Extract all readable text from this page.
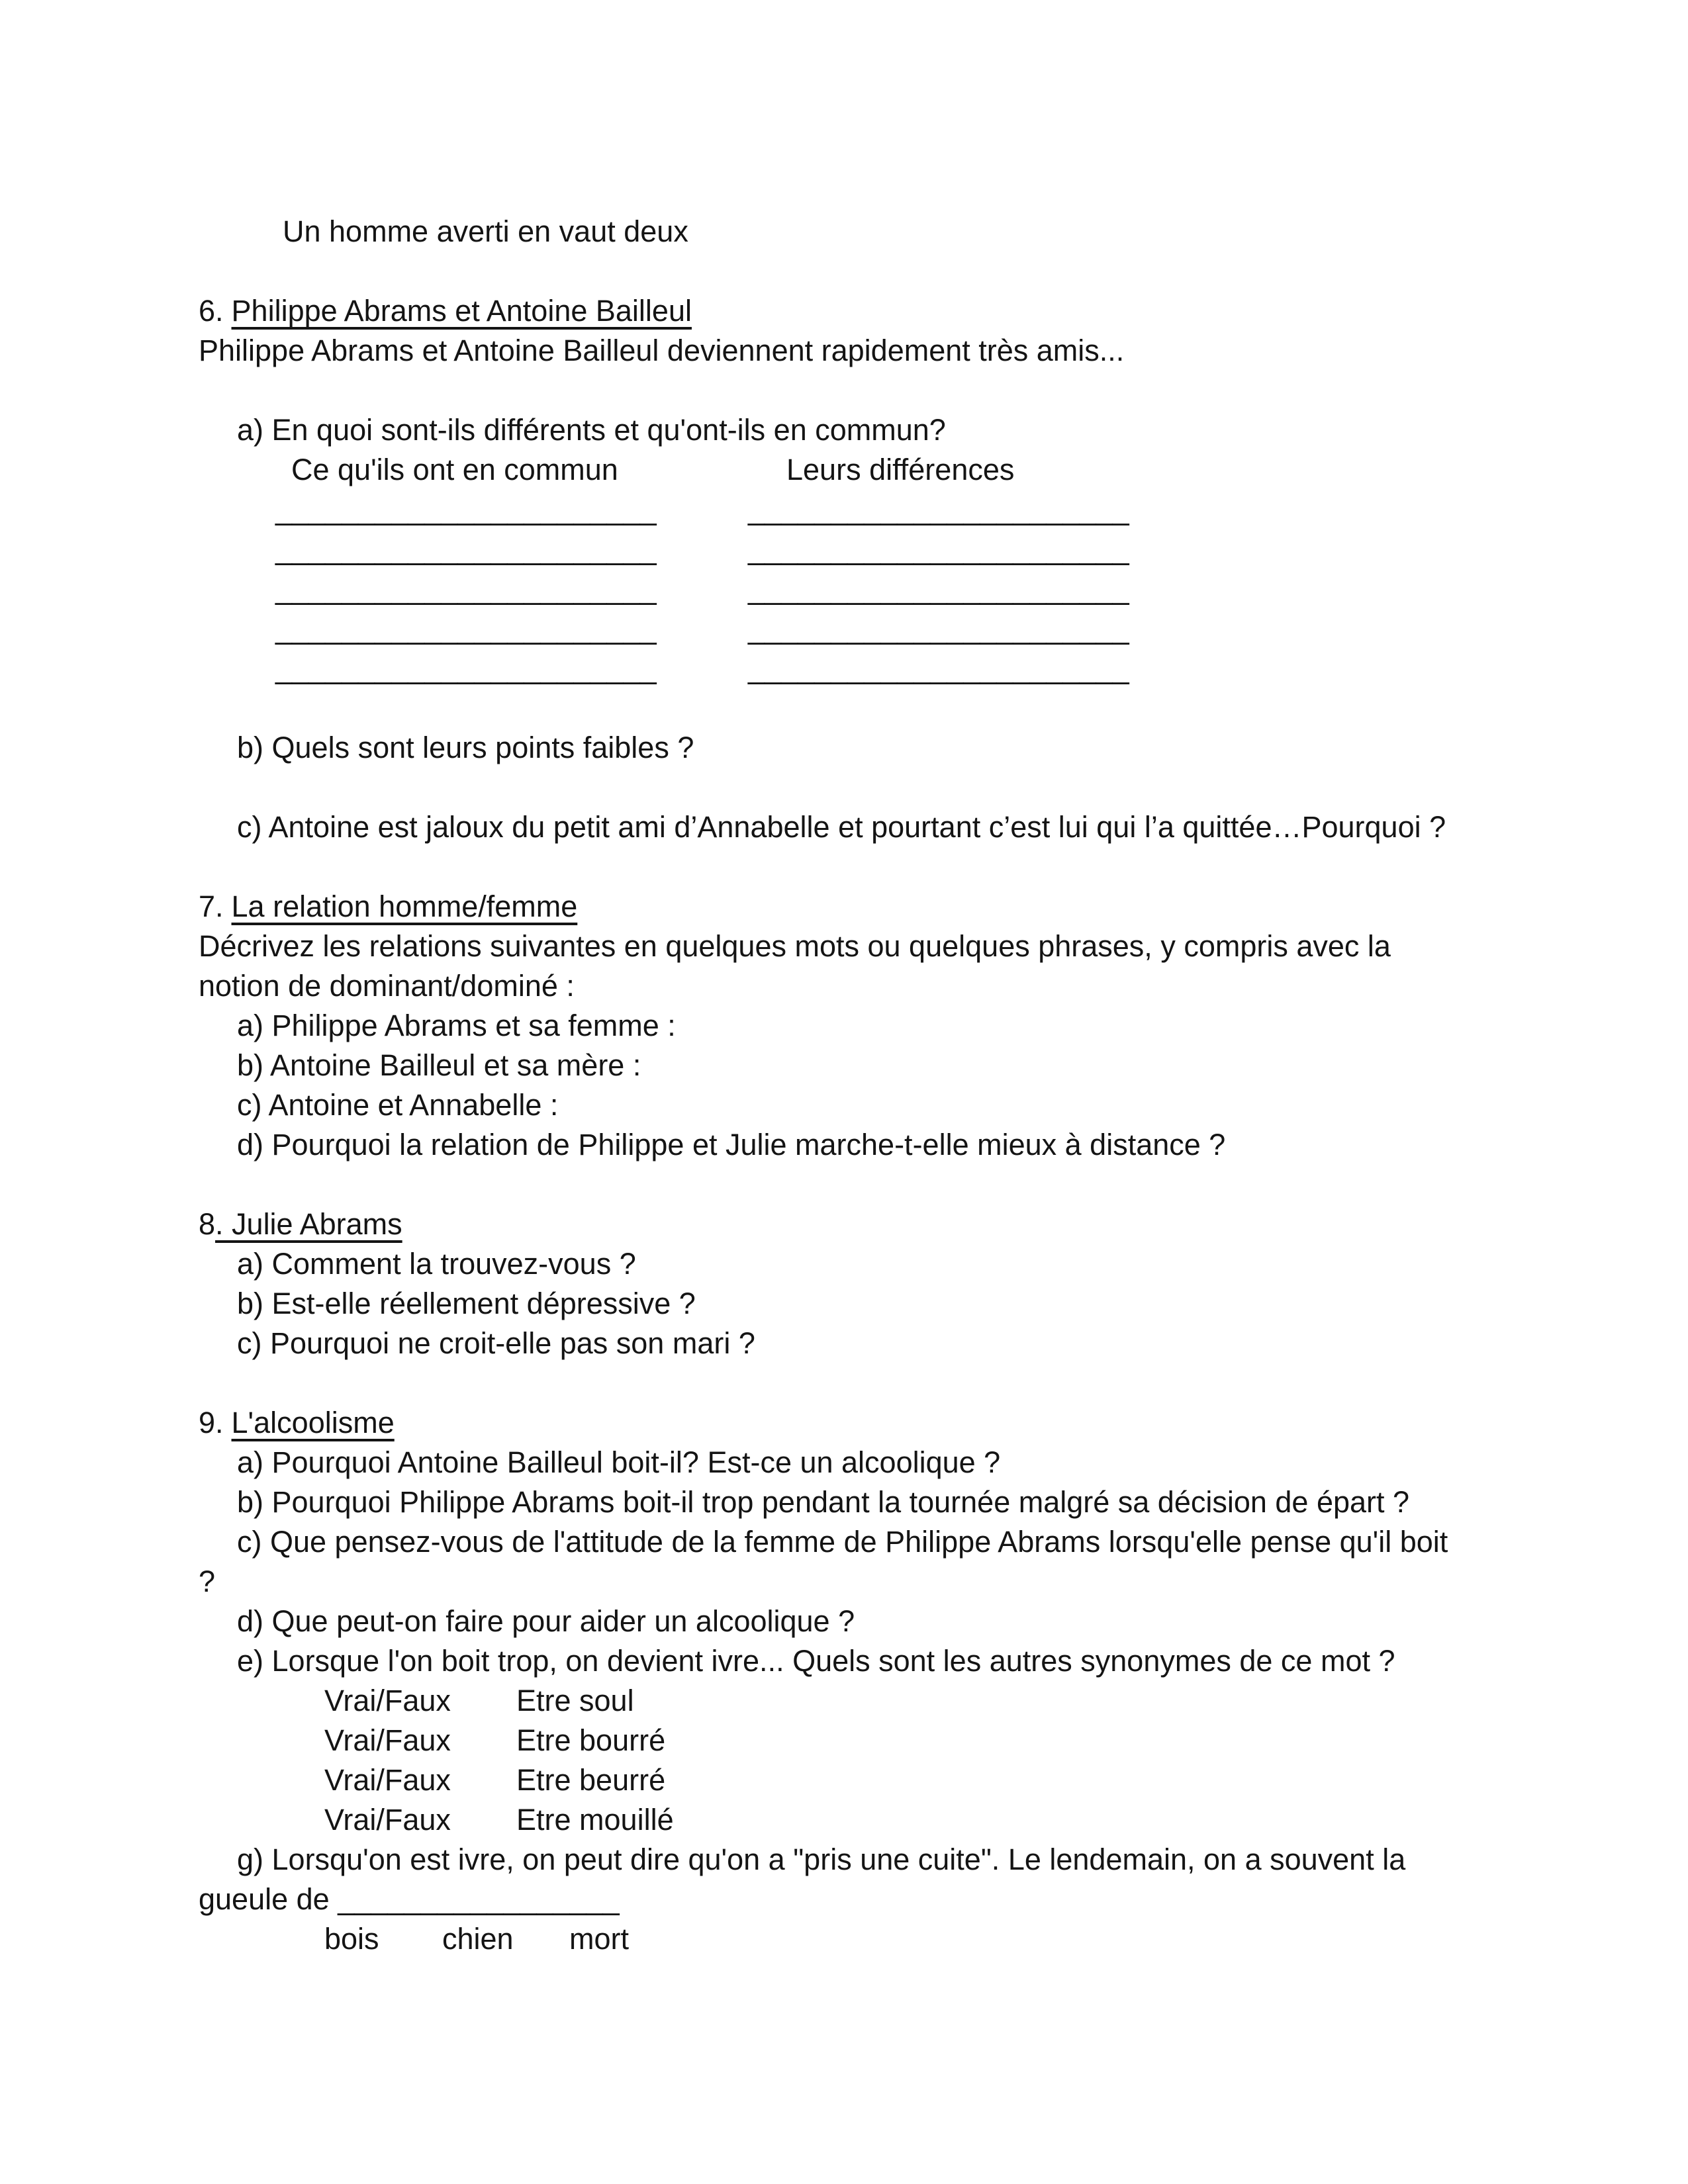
Un homme averti en vaut deux
6. Philippe Abrams et Antoine Bailleul
Philippe Abrams et Antoine Bailleul deviennent rapidement très amis...
a) En quoi sont-ils différents et qu'ont-ils en commun?
Ce qu'ils ont en commun	Leurs différences
_______________________	_______________________
_______________________	_______________________
_______________________	_______________________
_______________________	_______________________
_______________________	_______________________
b) Quels sont leurs points faibles ?
c) Antoine est jaloux du petit ami d’Annabelle et pourtant c’est lui qui l’a quittée…Pourquoi ?
7. La relation homme/femme
Décrivez les relations suivantes en quelques mots ou quelques phrases, y compris avec la
notion de dominant/dominé :
a) Philippe Abrams et sa femme :
b) Antoine Bailleul et sa mère :
c) Antoine et Annabelle :
d) Pourquoi la relation de Philippe et Julie marche-t-elle mieux à distance ?
8. Julie Abrams
a) Comment la trouvez-vous ?
b) Est-elle réellement dépressive ?
c) Pourquoi ne croit-elle pas son mari ?
9. L'alcoolisme
a) Pourquoi Antoine Bailleul boit-il? Est-ce un alcoolique ?
b) Pourquoi Philippe Abrams boit-il trop pendant la tournée malgré sa décision de épart ?
c) Que pensez-vous de l'attitude de la femme de Philippe Abrams lorsqu'elle pense qu'il boit
?
d) Que peut-on faire pour aider un alcoolique ?
e) Lorsque l'on boit trop, on devient ivre... Quels sont les autres synonymes de ce mot ?
Vrai/Faux Etre soul
Vrai/Faux Etre bourré
Vrai/Faux Etre beurré
Vrai/Faux Etre mouillé
g) Lorsqu'on est ivre, on peut dire qu'on a "pris une cuite". Le lendemain, on a souvent la
gueule de _________________
bois chien mort
